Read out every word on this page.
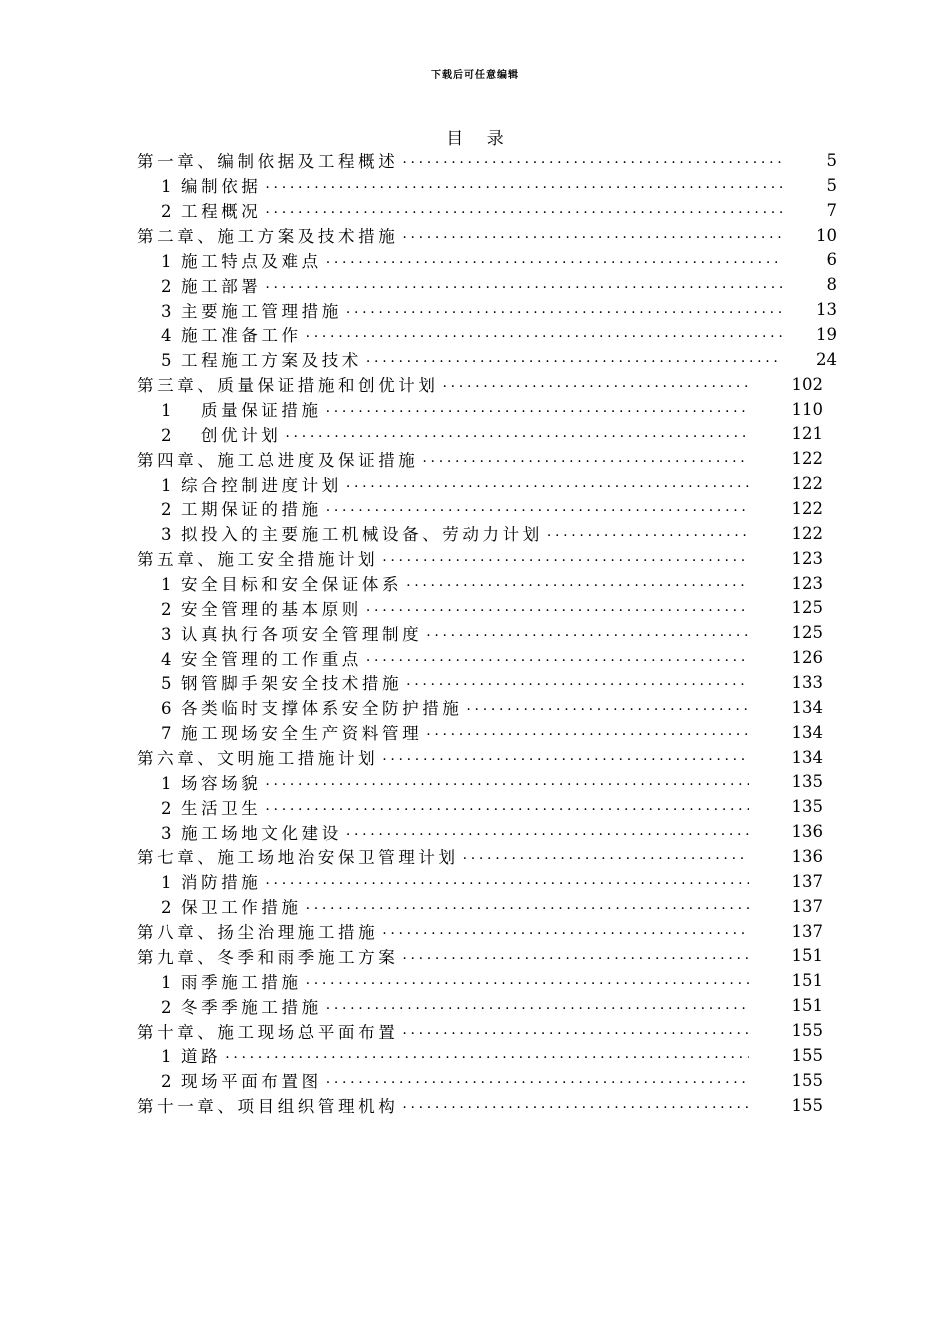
下载后可任意编辑
目 录
第一章、编制依据及工程概述 .....	5
1 编制依据 .....	5
2 工程概况 .....	7
第二章、施工方案及技术措施 .....	10
1 施工特点及难点 .....	6
2 施工部署 .....	8
3 主要施工管理措施 .....	13
4 施工准备工作 .....	19
5 工程施工方案及技术 .....	24
第三章、质量保证措施和创优计划 .....	102
1 质量保证措施 .....	110
2 创优计划 .....	121
第四章、施工总进度及保证措施 .....	122
1 综合控制进度计划 .....	122
2 工期保证的措施 .....	122
3 拟投入的主要施工机械设备、劳动力计划 .....	122
第五章、施工安全措施计划 .....	123
1 安全目标和安全保证体系 .....	123
2 安全管理的基本原则 .....	125
3 认真执行各项安全管理制度 .....	125
4 安全管理的工作重点 .....	126
5 钢管脚手架安全技术措施 .....	133
6 各类临时支撑体系安全防护措施 .....	134
7 施工现场安全生产资料管理 .....	134
第六章、文明施工措施计划 .....	134
1 场容场貌 .....	135
2 生活卫生 .....	135
3 施工场地文化建设 .....	136
第七章、施工场地治安保卫管理计划 .....	136
1 消防措施 .....	137
2 保卫工作措施 .....	137
第八章、扬尘治理施工措施 .....	137
第九章、冬季和雨季施工方案 .....	151
1 雨季施工措施 .....	151
2 冬季季施工措施 .....	151
第十章、施工现场总平面布置 .....	155
1 道路 .....	155
2 现场平面布置图 .....	155
第十一章、项目组织管理机构 .....	155
